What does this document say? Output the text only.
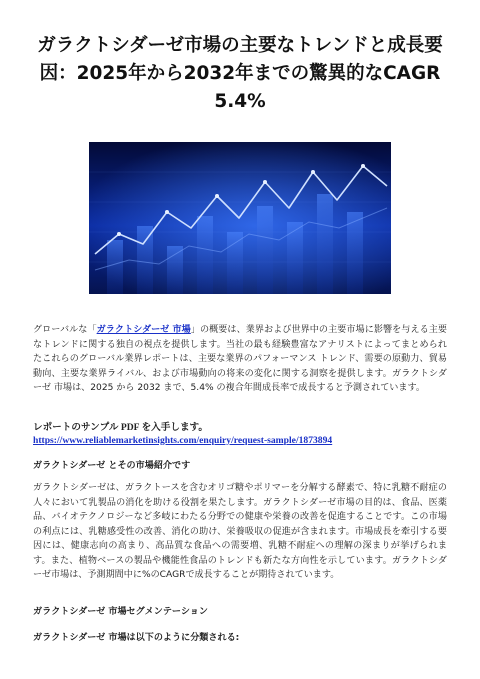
ガラクトシダーゼ市場の主要なトレンドと成長要因：2025年から2032年までの驚異的なCAGR 5.4%
グローバルな「ガラクトシダーゼ 市場」の概要は、業界および世界中の主要市場に影響を与える主要なトレンドに関する独自の視点を提供します。当社の最も経験豊富なアナリストによってまとめられたこれらのグローバル業界レポートは、主要な業界のパフォーマンス トレンド、需要の原動力、貿易動向、主要な業界ライバル、および市場動向の将来の変化に関する洞察を提供します。ガラクトシダーゼ 市場は、2025 から 2032 まで、5.4% の複合年間成長率で成長すると予測されています。
レポートのサンプル PDF を入手します。
https://www.reliablemarketinsights.com/enquiry/request-sample/1873894
ガラクトシダーゼ とその市場紹介です
ガラクトシダーゼは、ガラクトースを含むオリゴ糖やポリマーを分解する酵素で、特に乳糖不耐症の人々において乳製品の消化を助ける役割を果たします。ガラクトシダーゼ市場の目的は、食品、医薬品、バイオテクノロジーなど多岐にわたる分野での健康や栄養の改善を促進することです。この市場の利点には、乳糖感受性の改善、消化の助け、栄養吸収の促進が含まれます。市場成長を牽引する要因には、健康志向の高まり、高品質な食品への需要増、乳糖不耐症への理解の深まりが挙げられます。また、植物ベースの製品や機能性食品のトレンドも新たな方向性を示しています。ガラクトシダーゼ市場は、予測期間中に%のCAGRで成長することが期待されています。
ガラクトシダーゼ 市場セグメンテーション
ガラクトシダーゼ 市場は以下のように分類される:
